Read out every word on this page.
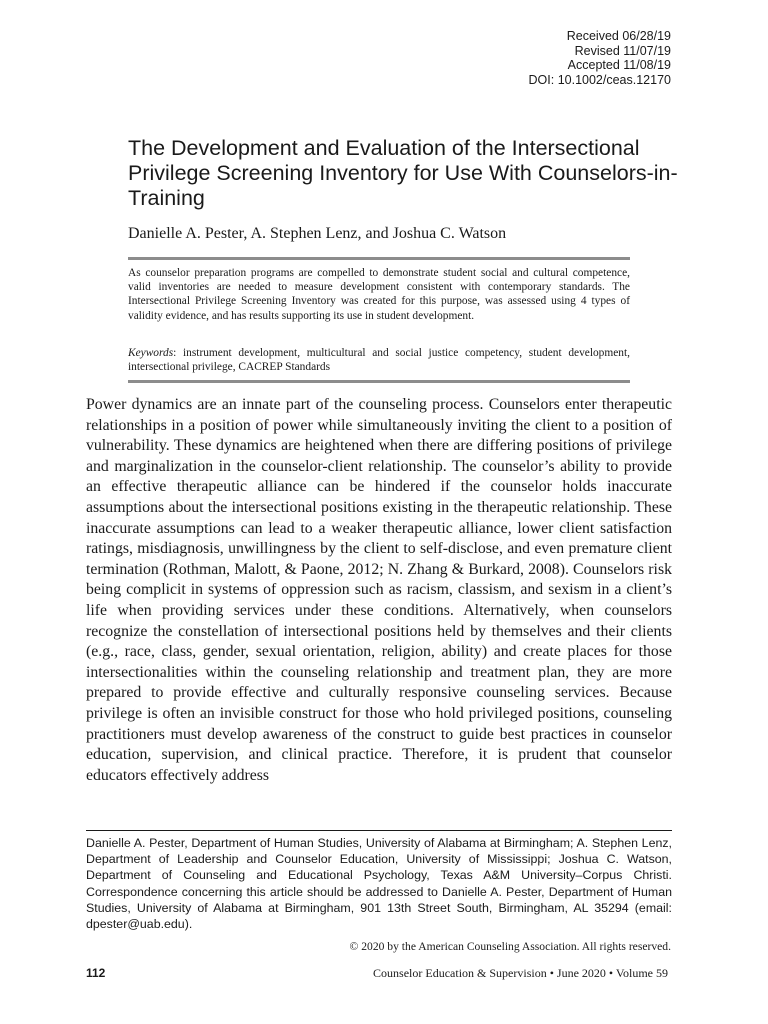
Received 06/28/19
Revised 11/07/19
Accepted 11/08/19
DOI: 10.1002/ceas.12170
The Development and Evaluation of the Intersectional Privilege Screening Inventory for Use With Counselors-in-Training
Danielle A. Pester, A. Stephen Lenz, and Joshua C. Watson

As counselor preparation programs are compelled to demonstrate student social and cultural competence, valid inventories are needed to measure development consistent with contemporary standards. The Intersectional Privilege Screening Inventory was created for this purpose, was assessed using 4 types of validity evidence, and has results supporting its use in student development.

Keywords: instrument development, multicultural and social justice competency, student development, intersectional privilege, CACREP Standards

Power dynamics are an innate part of the counseling process. Counselors enter therapeutic relationships in a position of power while simultaneously inviting the client to a position of vulnerability. These dynamics are heightened when there are differing positions of privilege and marginalization in the counselor-client relationship. The counselor’s ability to provide an effective therapeutic alliance can be hindered if the counselor holds inaccurate assumptions about the intersectional positions existing in the therapeutic relationship. These inaccurate assumptions can lead to a weaker therapeutic alliance, lower client satisfaction ratings, misdiagnosis, unwillingness by the client to self-disclose, and even premature client termination (Rothman, Malott, & Paone, 2012; N. Zhang & Burkard, 2008). Counselors risk being complicit in systems of oppression such as racism, classism, and sexism in a client’s life when providing services under these conditions. Alternatively, when counselors recognize the constellation of intersectional positions held by themselves and their clients (e.g., race, class, gender, sexual orientation, religion, ability) and create places for those intersectionalities within the counseling relationship and treatment plan, they are more prepared to provide effective and culturally responsive counseling services. Because privilege is often an invisible construct for those who hold privileged positions, counseling practitioners must develop awareness of the construct to guide best practices in counselor education, supervision, and clinical practice. Therefore, it is prudent that counselor educators effectively address

Danielle A. Pester, Department of Human Studies, University of Alabama at Birmingham; A. Stephen Lenz, Department of Leadership and Counselor Education, University of Mississippi; Joshua C. Watson, Department of Counseling and Educational Psychology, Texas A&M University–Corpus Christi. Correspondence concerning this article should be addressed to Danielle A. Pester, Department of Human Studies, University of Alabama at Birmingham, 901 13th Street South, Birmingham, AL 35294 (email: dpester@uab.edu).

© 2020 by the American Counseling Association. All rights reserved.
112	Counselor Education & Supervision • June 2020 • Volume 59
